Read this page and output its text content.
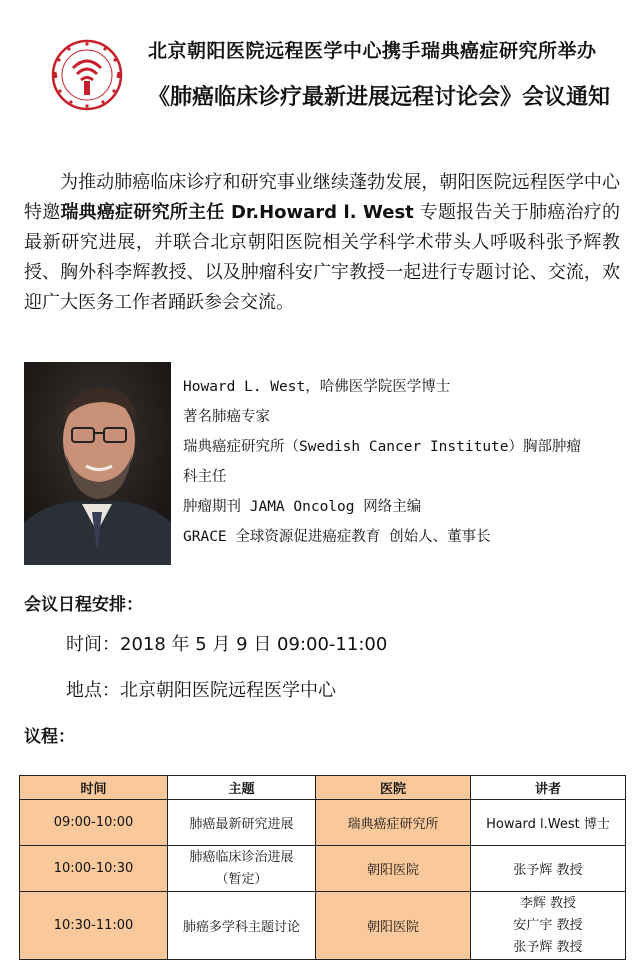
北京朝阳医院远程医学中心携手瑞典癌症研究所举办
《肺癌临床诊疗最新进展远程讨论会》会议通知
为推动肺癌临床诊疗和研究事业继续蓬勃发展，朝阳医院远程医学中心特邀瑞典癌症研究所主任 Dr.Howard l. West 专题报告关于肺癌治疗的最新研究进展，并联合北京朝阳医院相关学科学术带头人呼吸科张予辉教授、胸外科李辉教授、以及肿瘤科安广宇教授一起进行专题讨论、交流，欢迎广大医务工作者踊跃参会交流。
Howard L. West，哈佛医学院医学博士
著名肺癌专家
瑞典癌症研究所（Swedish Cancer Institute）胸部肿瘤
科主任
肿瘤期刊 JAMA Oncolog 网络主编
GRACE 全球资源促进癌症教育 创始人、董事长
会议日程安排：
时间：2018 年 5 月 9 日 09:00-11:00
地点：北京朝阳医院远程医学中心
议程：
时间	主题	医院	讲者
09:00-10:00	肺癌最新研究进展	瑞典癌症研究所	Howard l.West 博士
10:00-10:30	肺癌临床诊治进展
（暂定）	朝阳医院	张予辉 教授
10:30-11:00	肺癌多学科主题讨论	朝阳医院	李辉 教授
安广宇 教授
张予辉 教授
